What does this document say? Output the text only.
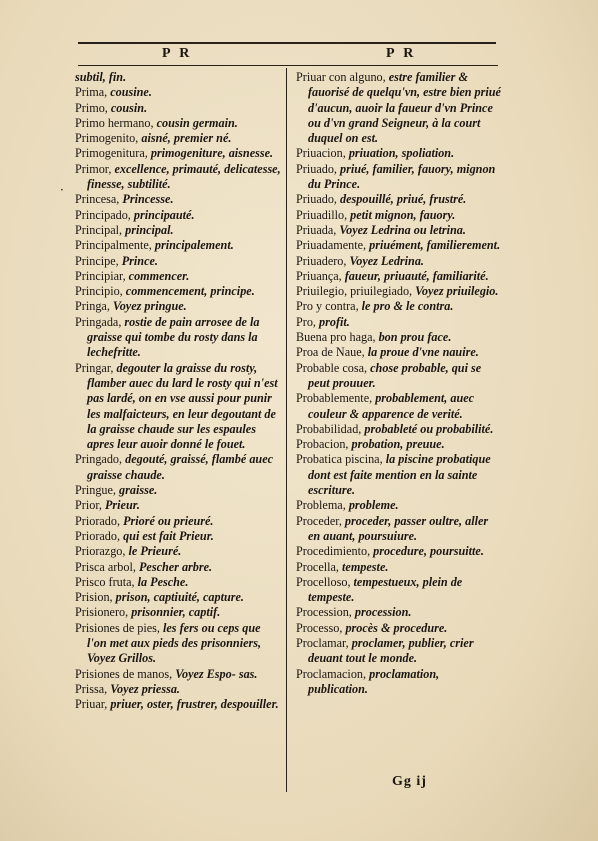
P R	P R
·

subtil, fin.

Prima, cousine.

Primo, cousin.

Primo hermano, cousin germain.

Primogenito, aisné, premier né.

Primogenitura, primogeniture, aisnesse.

Primor, excellence, primauté, delicatesse, finesse, subtilité.

Princesa, Princesse.

Principado, principauté.

Principal, principal.

Principalmente, principalement.

Principe, Prince.

Principiar, commencer.

Principio, commencement, principe.

Pringa, Voyez pringue.

Pringada, rostie de pain arrosee de la graisse qui tombe du rosty dans la lechefritte.

Pringar, degouter la graisse du rosty, flamber auec du lard le rosty qui n'est pas lardé, on en vse aussi pour punir les malfaicteurs, en leur degoutant de la graisse chaude sur les espaules apres leur auoir donné le fouet.

Pringado, degouté, graissé, flambé auec graisse chaude.

Pringue, graisse.

Prior, Prieur.

Priorado, Prioré ou prieuré.

Priorado, qui est fait Prieur.

Priorazgo, le Prieuré.

Prisca arbol, Pescher arbre.

Prisco fruta, la Pesche.

Prision, prison, captiuité, capture.

Prisionero, prisonnier, captif.

Prisiones de pies, les fers ou ceps que l'on met aux pieds des prisonniers, Voyez Grillos.

Prisiones de manos, Voyez Espo- sas.

Prissa, Voyez priessa.

Priuar, priuer, oster, frustrer, despouiller.

Priuar con alguno, estre familier & fauorisé de quelqu'vn, estre bien priué d'aucun, auoir la faueur d'vn Prince ou d'vn grand Seigneur, à la court duquel on est.

Priuacion, priuation, spoliation.

Priuado, priué, familier, fauory, mignon du Prince.

Priuado, despouillé, priué, frustré.

Priuadillo, petit mignon, fauory.

Priuada, Voyez Ledrina ou letrina.

Priuadamente, priuément, familierement.

Priuadero, Voyez Ledrina.

Priuança, faueur, priuauté, familiarité.

Priuilegio, priuilegiado, Voyez priuilegio.

Pro y contra, le pro & le contra.

Pro, profit.

Buena pro haga, bon prou face.

Proa de Naue, la proue d'vne nauire.

Probable cosa, chose probable, qui se peut prouuer.

Probablemente, probablement, auec couleur & apparence de verité.

Probabilidad, probableté ou probabilité.

Probacion, probation, preuue.

Probatica piscina, la piscine probatique dont est faite mention en la sainte escriture.

Problema, probleme.

Proceder, proceder, passer oultre, aller en auant, poursuiure.

Procedimiento, procedure, poursuitte.

Procella, tempeste.

Procelloso, tempestueux, plein de tempeste.

Procession, procession.

Processo, procès & procedure.

Proclamar, proclamer, publier, crier deuant tout le monde.

Proclamacion, proclamation, publication.

Gg ij
